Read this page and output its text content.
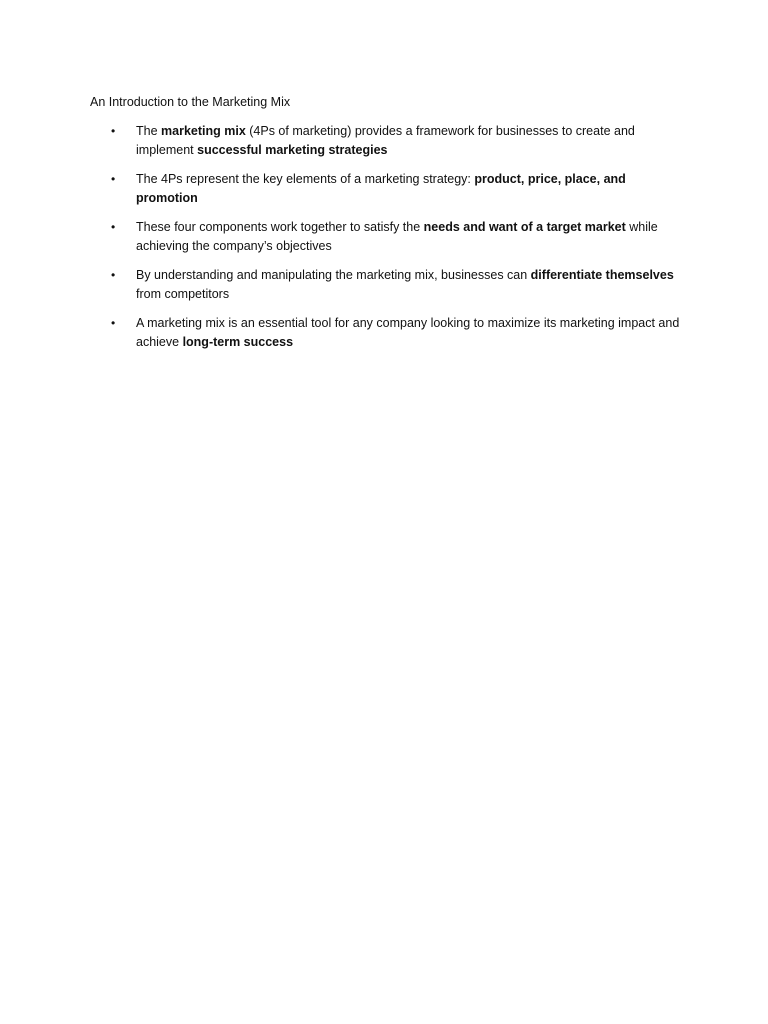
An Introduction to the Marketing Mix

• The marketing mix (4Ps of marketing) provides a framework for businesses to create and implement successful marketing strategies
• The 4Ps represent the key elements of a marketing strategy: product, price, place, and promotion
• These four components work together to satisfy the needs and want of a target market while achieving the company’s objectives
• By understanding and manipulating the marketing mix, businesses can differentiate themselves from competitors
• A marketing mix is an essential tool for any company looking to maximize its marketing impact and achieve long-term success
